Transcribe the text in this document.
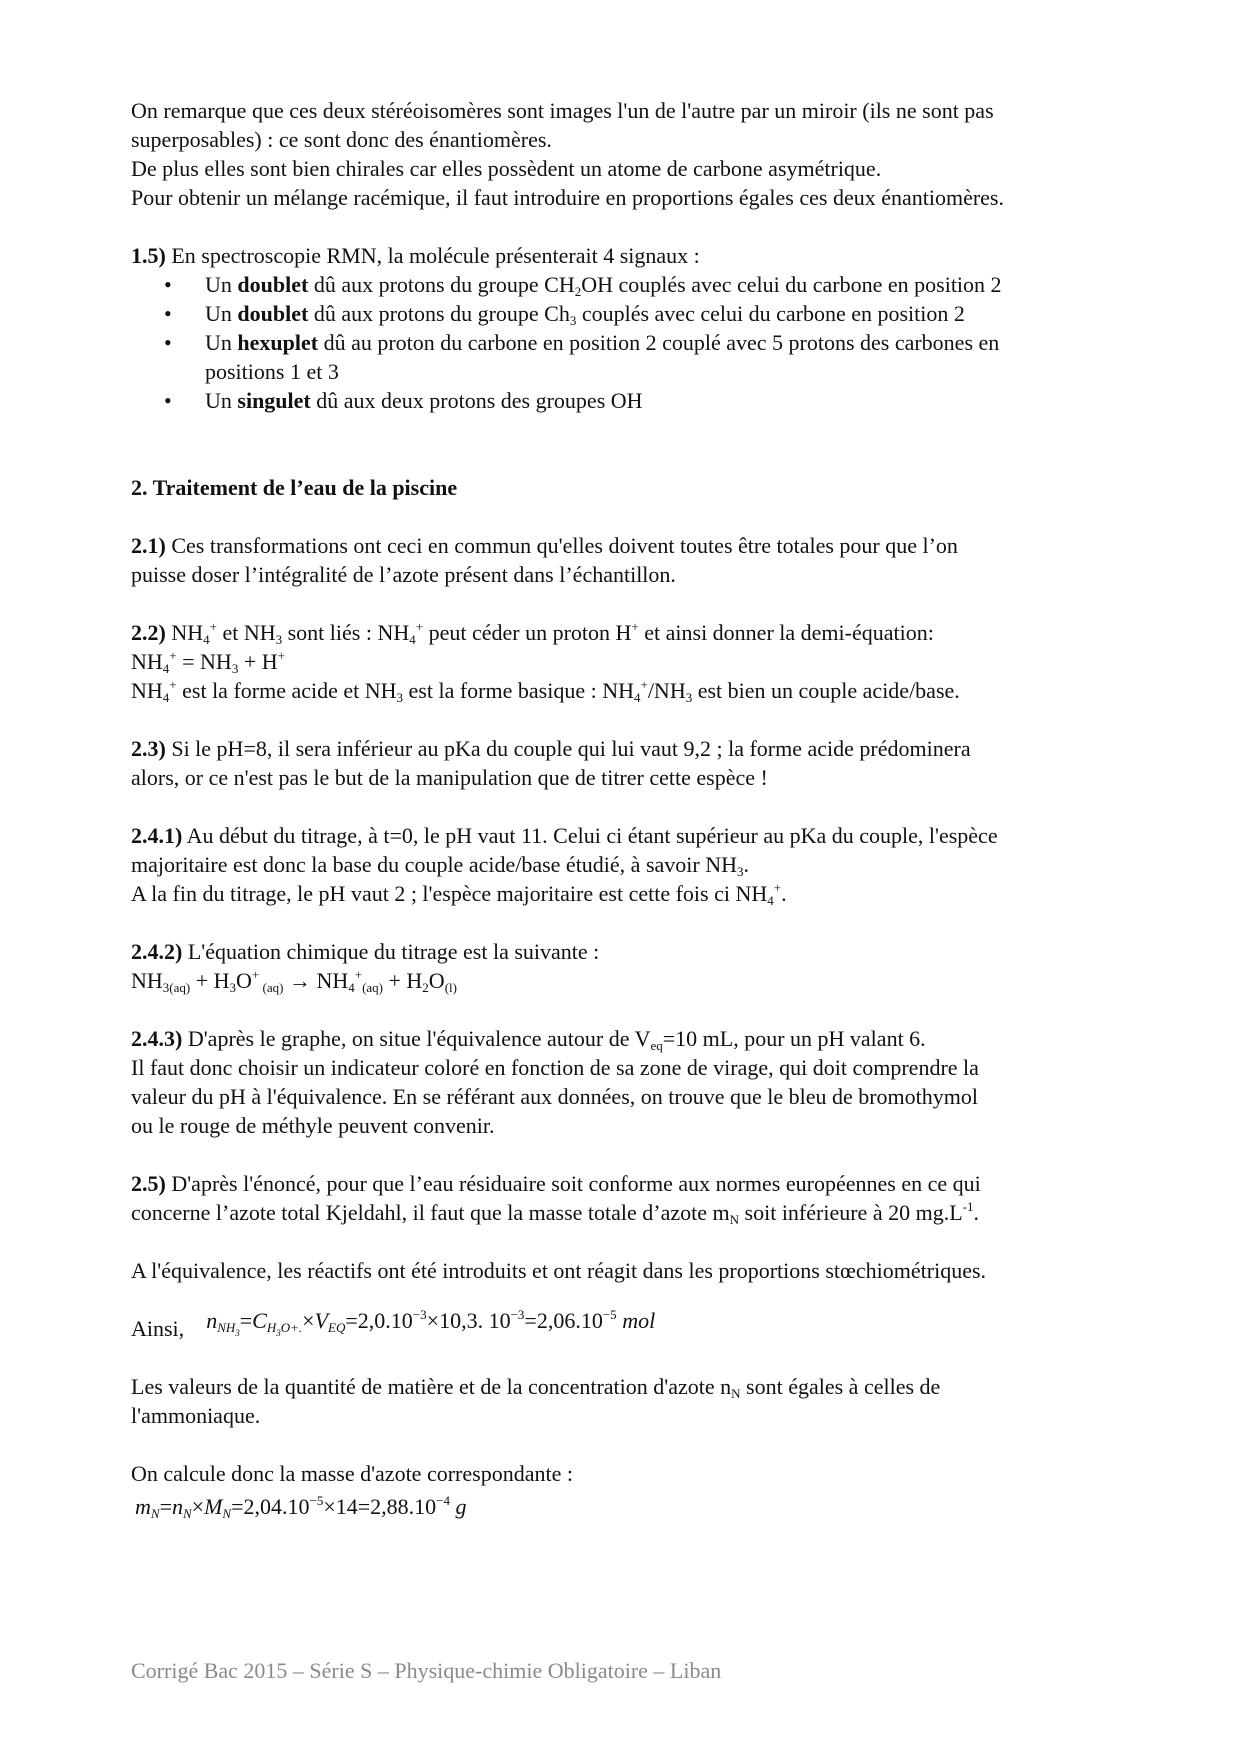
On remarque que ces deux stéréoisomères sont images l'un de l'autre par un miroir (ils ne sont pas

superposables) : ce sont donc des énantiomères.

De plus elles sont bien chirales car elles possèdent un atome de carbone asymétrique.

Pour obtenir un mélange racémique, il faut introduire en proportions égales ces deux énantiomères.

1.5) En spectroscopie RMN, la molécule présenterait 4 signaux :

• Un doublet dû aux protons du groupe $CH_2OH$ couplés avec celui du carbone en position 2
• Un doublet dû aux protons du groupe $Ch_3$ couplés avec celui du carbone en position 2
• Un hexuplet dû au proton du carbone en position 2 couplé avec 5 protons des carbones en
positions 1 et 3
• Un singulet dû aux deux protons des groupes OH
2. Traitement de l’eau de la piscine

2.1) Ces transformations ont ceci en commun qu'elles doivent toutes être totales pour que l’on

puisse doser l’intégralité de l’azote présent dans l’échantillon.

2.2) $NH_4^+$ et $NH_3$ sont liés : $NH_4^+$ peut céder un proton H+ et ainsi donner la demi-équation:

$NH_4^+ = NH_3 + H^+$

$NH_4^+$ est la forme acide et $NH_3$ est la forme basique : $NH_4^+/NH_3$ est bien un couple acide/base.

2.3) Si le pH=8, il sera inférieur au pKa du couple qui lui vaut 9,2 ; la forme acide prédominera

alors, or ce n'est pas le but de la manipulation que de titrer cette espèce !

2.4.1) Au début du titrage, à t=0, le pH vaut 11. Celui ci étant supérieur au pKa du couple, l'espèce

majoritaire est donc la base du couple acide/base étudié, à savoir $NH_3$.

A la fin du titrage, le pH vaut 2 ; l'espèce majoritaire est cette fois ci $NH_4^+$.

2.4.2) L'équation chimique du titrage est la suivante :

$NH_{3(aq)} + H_3O^+$ $_{(aq)} \to NH_4^+_{(aq)} + H_2O_{(l)}$

2.4.3) D'après le graphe, on situe l'équivalence autour de $V_{eq}=10$ mL, pour un pH valant 6.

Il faut donc choisir un indicateur coloré en fonction de sa zone de virage, qui doit comprendre la

valeur du pH à l'équivalence. En se référant aux données, on trouve que le bleu de bromothymol

ou le rouge de méthyle peuvent convenir.

2.5) D'après l'énoncé, pour que l’eau résiduaire soit conforme aux normes européennes en ce qui

concerne l’azote total Kjeldahl, il faut que la masse totale d’azote $m_N$ soit inférieure à 20 $mg.L^{-1}$.

A l'équivalence, les réactifs ont été introduits et ont réagit dans les proportions stœchiométriques.

Ainsi, $n_{NH_3}=C_{H_3O+.}\times V_{EQ}=2,0.10^{-3}\times 10,3$. $10^{-3}=2,06.10^{-5}$ mol

Les valeurs de la quantité de matière et de la concentration d'azote $n_N$ sont égales à celles de

l'ammoniaque.

On calcule donc la masse d'azote correspondante :

$m_N=n_N\times M_N=2,04.10^{-5}\times 14=2,88.10^{-4}$ g

Corrigé Bac 2015 – Série S – Physique-chimie Obligatoire – Liban
